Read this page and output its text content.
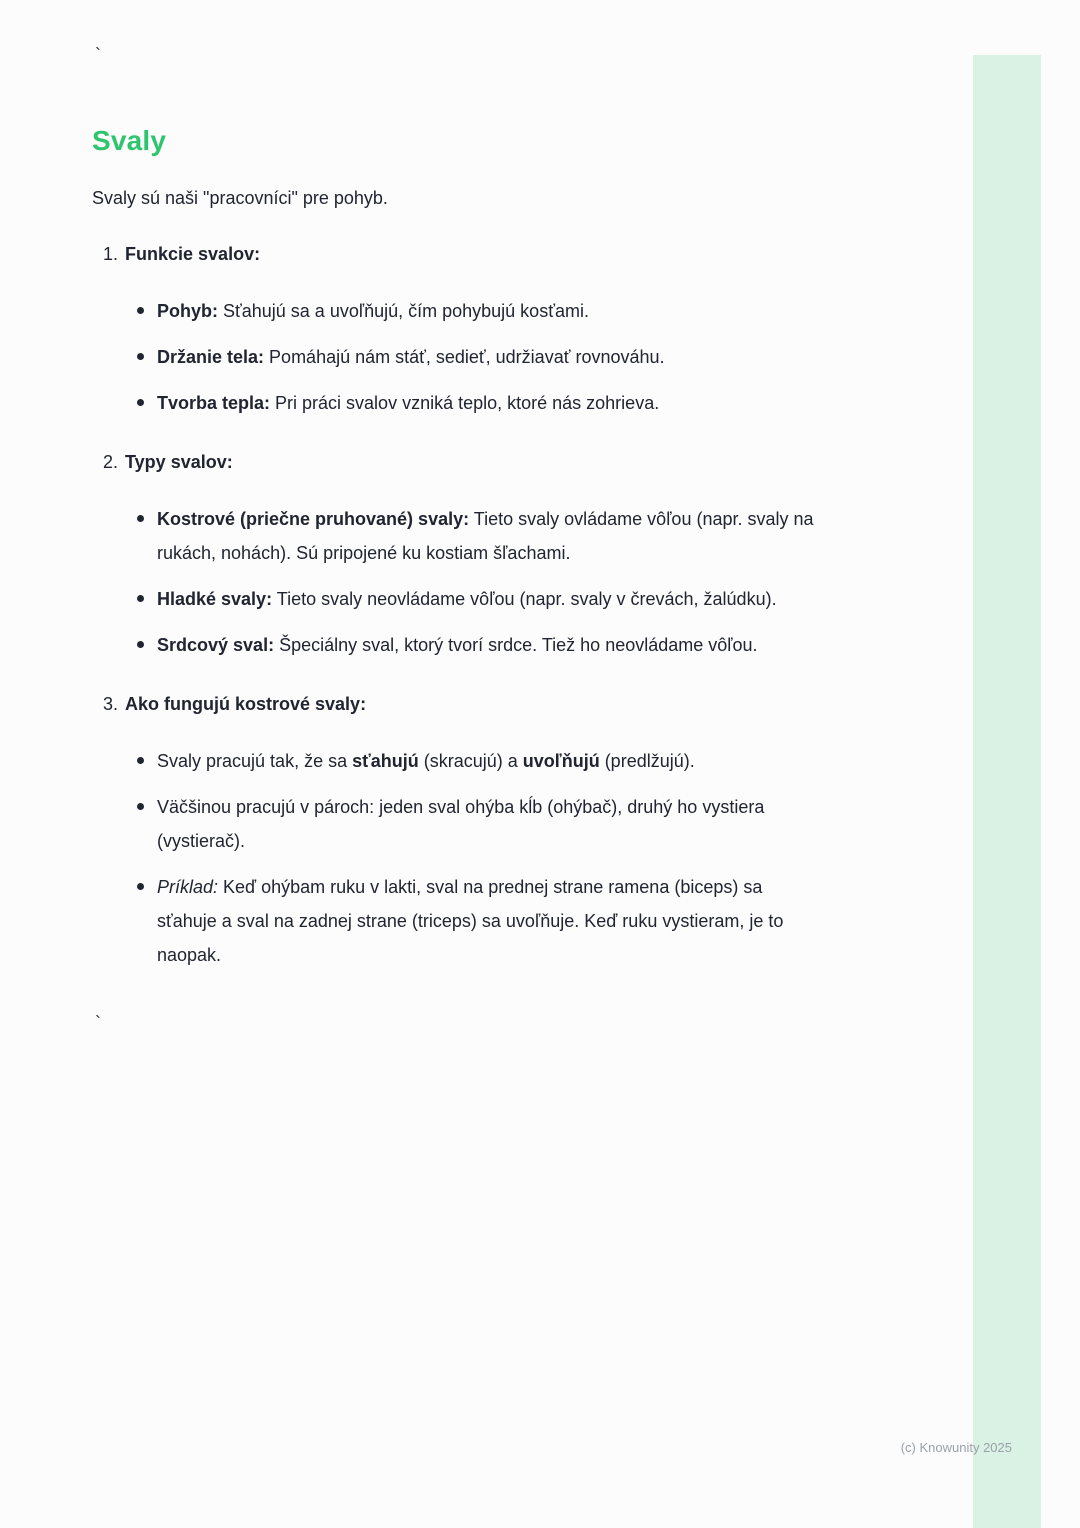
`
Svaly

Svaly sú naši "pracovníci" pre pohyb.

1. Funkcie svalov:
Pohyb: Sťahujú sa a uvoľňujú, čím pohybujú kosťami.
Držanie tela: Pomáhajú nám stáť, sedieť, udržiavať rovnováhu.
Tvorba tepla: Pri práci svalov vzniká teplo, ktoré nás zohrieva.
2. Typy svalov:
Kostrové (priečne pruhované) svaly: Tieto svaly ovládame vôľou (napr. svaly na rukách, nohách). Sú pripojené ku kostiam šľachami.
Hladké svaly: Tieto svaly neovládame vôľou (napr. svaly v črevách, žalúdku).
Srdcový sval: Špeciálny sval, ktorý tvorí srdce. Tiež ho neovládame vôľou.
3. Ako fungujú kostrové svaly:
Svaly pracujú tak, že sa sťahujú (skracujú) a uvoľňujú (predlžujú).
Väčšinou pracujú v pároch: jeden sval ohýba kĺb (ohýbač), druhý ho vystiera (vystierač).
Príklad: Keď ohýbam ruku v lakti, sval na prednej strane ramena (biceps) sa sťahuje a sval na zadnej strane (triceps) sa uvoľňuje. Keď ruku vystieram, je to naopak.
`
(c) Knowunity 2025
